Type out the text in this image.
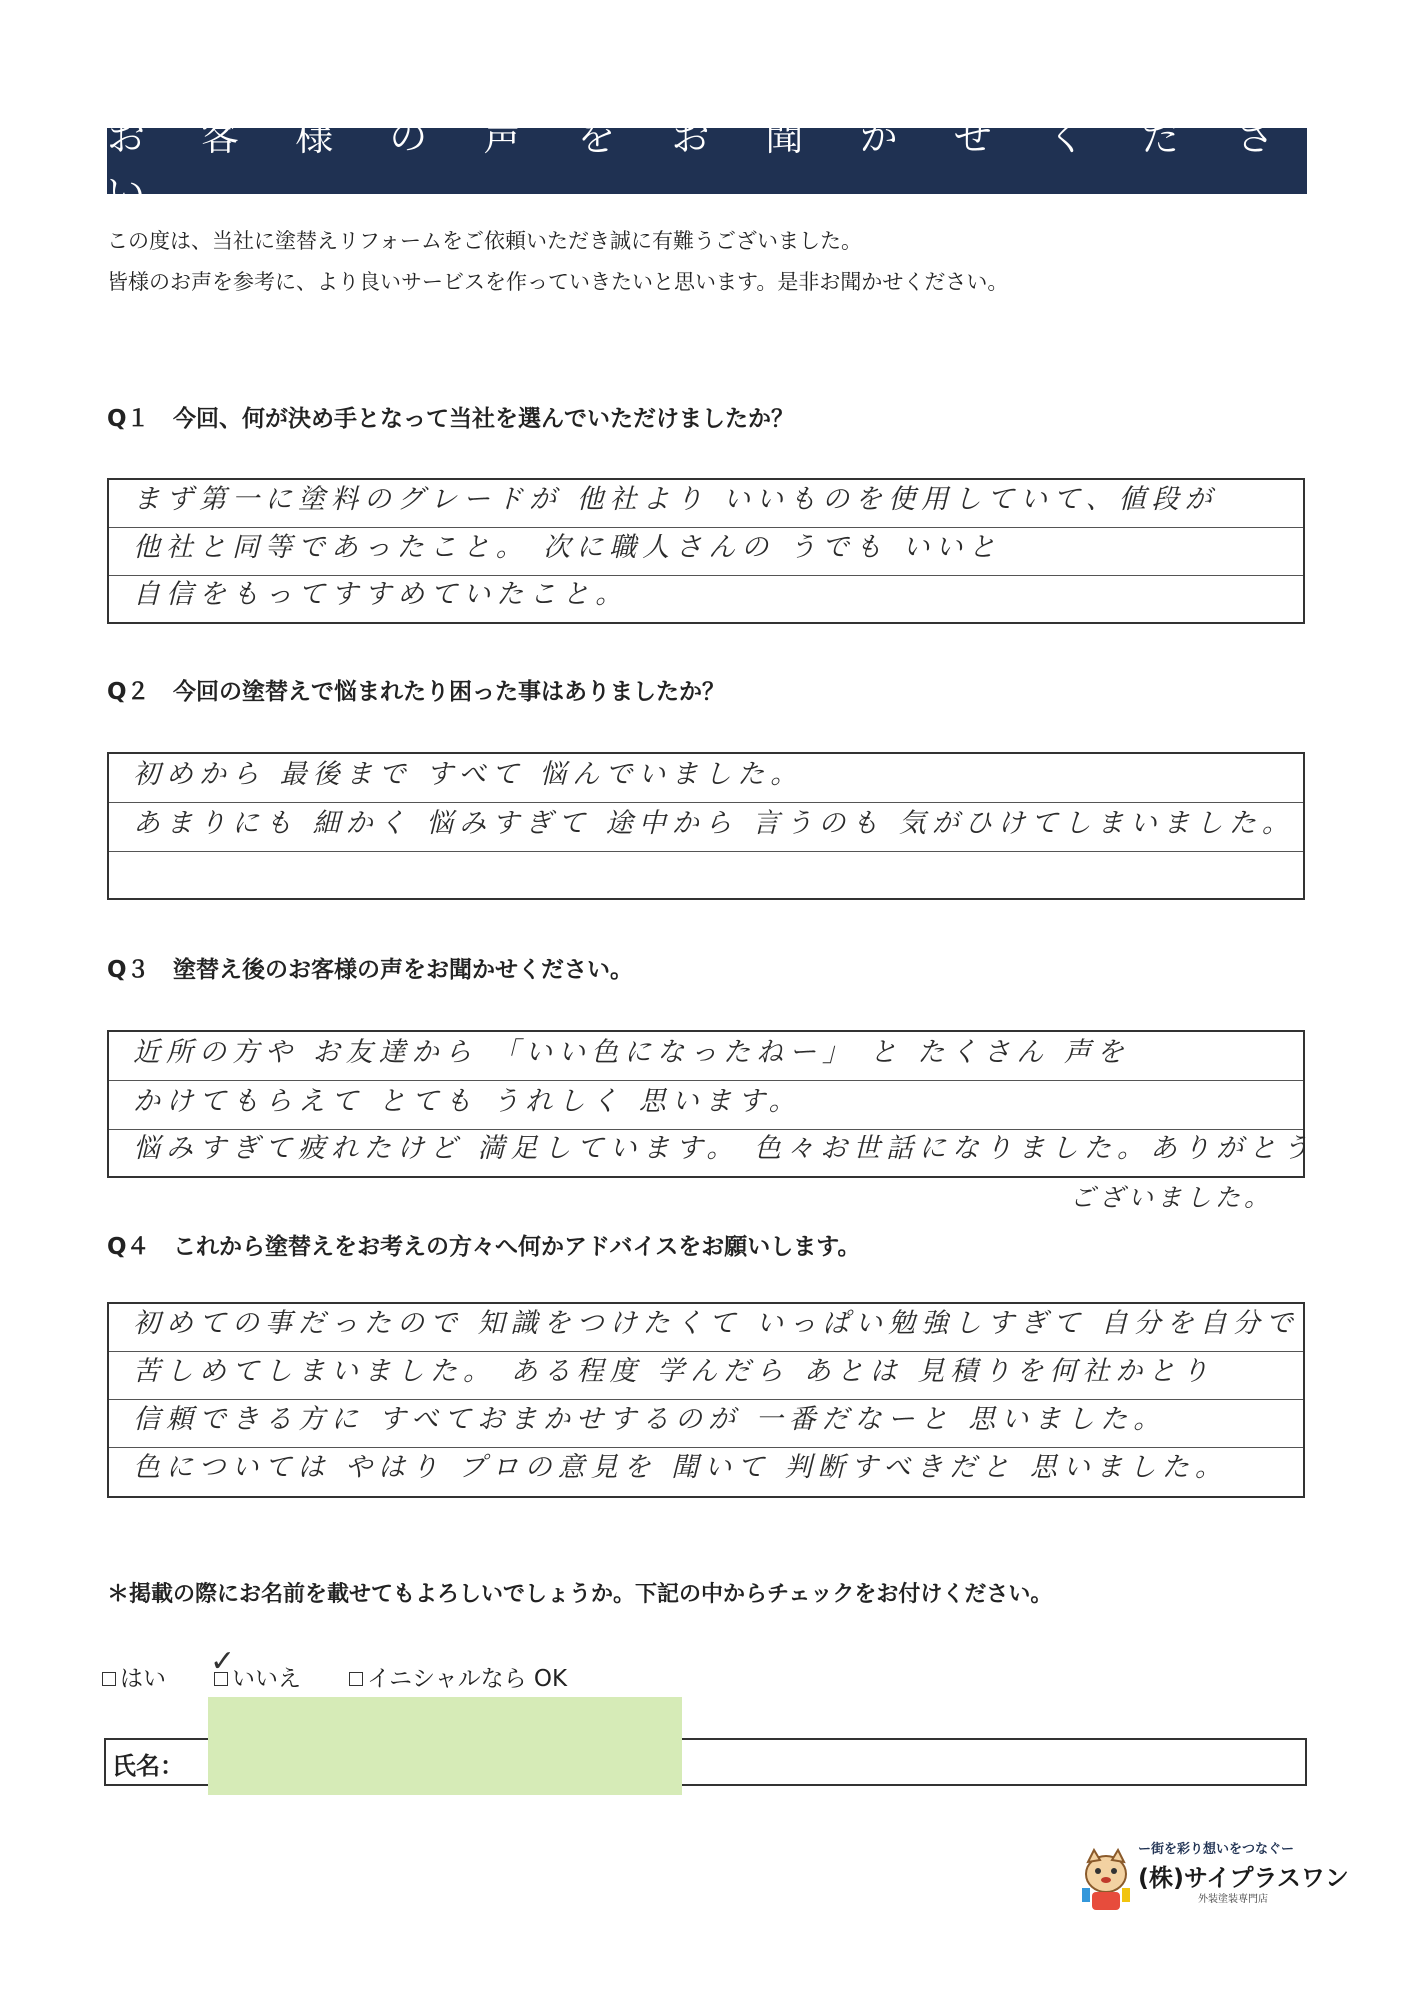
お 客 様 の 声 を お 聞 か せ く だ さ い
この度は、当社に塗替えリフォームをご依頼いただき誠に有難うございました。
皆様のお声を参考に、より良いサービスを作っていきたいと思います。是非お聞かせください。
Q１ 今回、何が決め手となって当社を選んでいただけましたか？
まず第一に塗料のグレードが 他社より いいものを使用していて、値段が
他社と同等であったこと。 次に職人さんの うでも いいと
自信をもってすすめていたこと。
Q２ 今回の塗替えで悩まれたり困った事はありましたか？
初めから 最後まで すべて 悩んでいました。
あまりにも 細かく 悩みすぎて 途中から 言うのも 気がひけてしまいました。
Q３ 塗替え後のお客様の声をお聞かせください。
近所の方や お友達から 「いい色になったねー」 と たくさん 声を
かけてもらえて とても うれしく 思います。
悩みすぎて疲れたけど 満足しています。 色々お世話になりました。ありがとう
ございました。
Q４ これから塗替えをお考えの方々へ何かアドバイスをお願いします。
初めての事だったので 知識をつけたくて いっぱい勉強しすぎて 自分を自分で
苦しめてしまいました。 ある程度 学んだら あとは 見積りを何社かとり
信頼できる方に すべておまかせするのが 一番だなーと 思いました。
色については やはり プロの意見を 聞いて 判断すべきだと 思いました。
＊掲載の際にお名前を載せてもよろしいでしょうか。下記の中からチェックをお付けください。
はい ✓
いいえ	イニシャルなら OK
氏名：
ー街を彩り想いをつなぐー
(株)サイプラスワン
外装塗装専門店
